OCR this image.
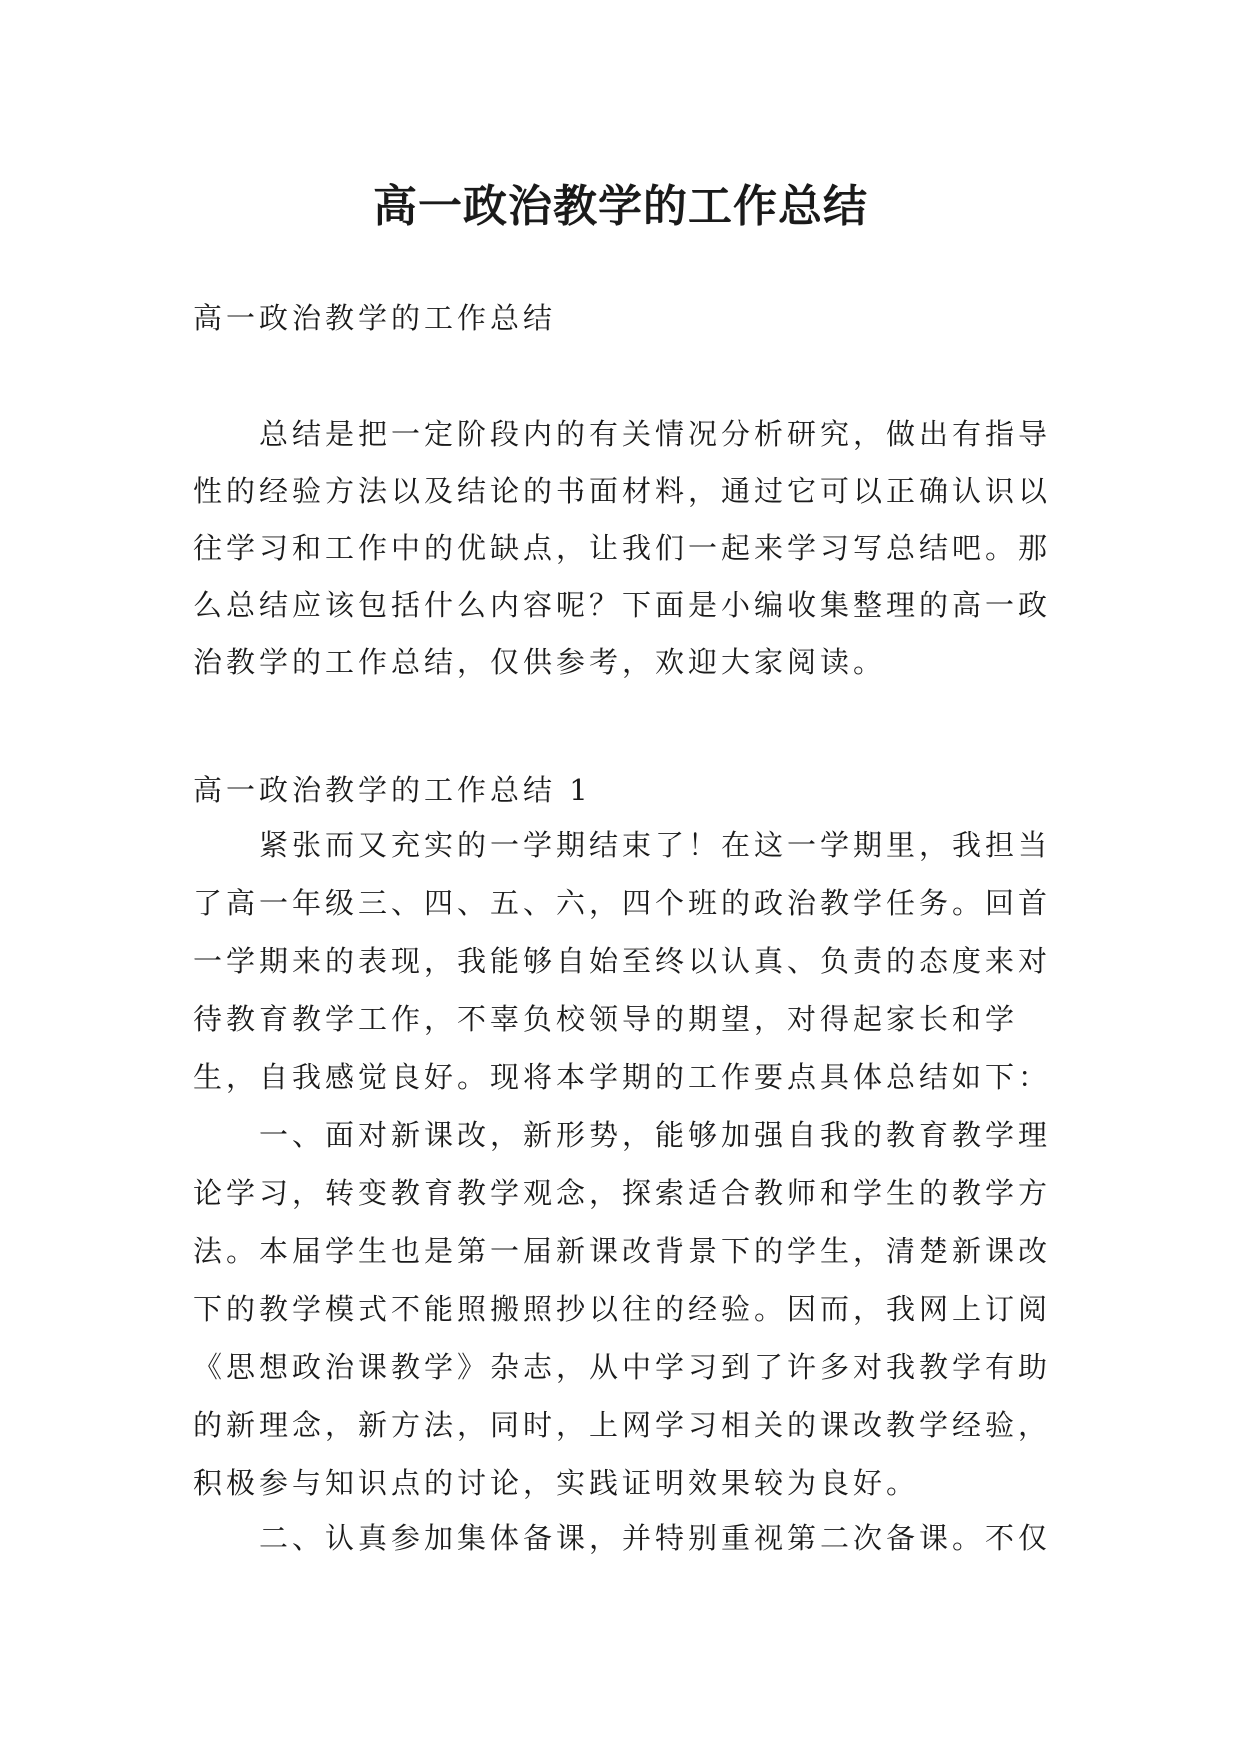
高一政治教学的工作总结

高一政治教学的工作总结

总结是把一定阶段内的有关情况分析研究，做出有指导性的经验方法以及结论的书面材料，通过它可以正确认识以往学习和工作中的优缺点，让我们一起来学习写总结吧。那么总结应该包括什么内容呢？下面是小编收集整理的高一政治教学的工作总结，仅供参考，欢迎大家阅读。

高一政治教学的工作总结 1

紧张而又充实的一学期结束了！在这一学期里，我担当了高一年级三、四、五、六，四个班的政治教学任务。回首一学期来的表现，我能够自始至终以认真、负责的态度来对待教育教学工作，不辜负校领导的期望，对得起家长和学生，自我感觉良好。现将本学期的工作要点具体总结如下：

一、面对新课改，新形势，能够加强自我的教育教学理论学习，转变教育教学观念，探索适合教师和学生的教学方法。本届学生也是第一届新课改背景下的学生，清楚新课改下的教学模式不能照搬照抄以往的经验。因而，我网上订阅《思想政治课教学》杂志，从中学习到了许多对我教学有助的新理念，新方法，同时，上网学习相关的课改教学经验，积极参与知识点的讨论，实践证明效果较为良好。

二、认真参加集体备课，并特别重视第二次备课。不仅
